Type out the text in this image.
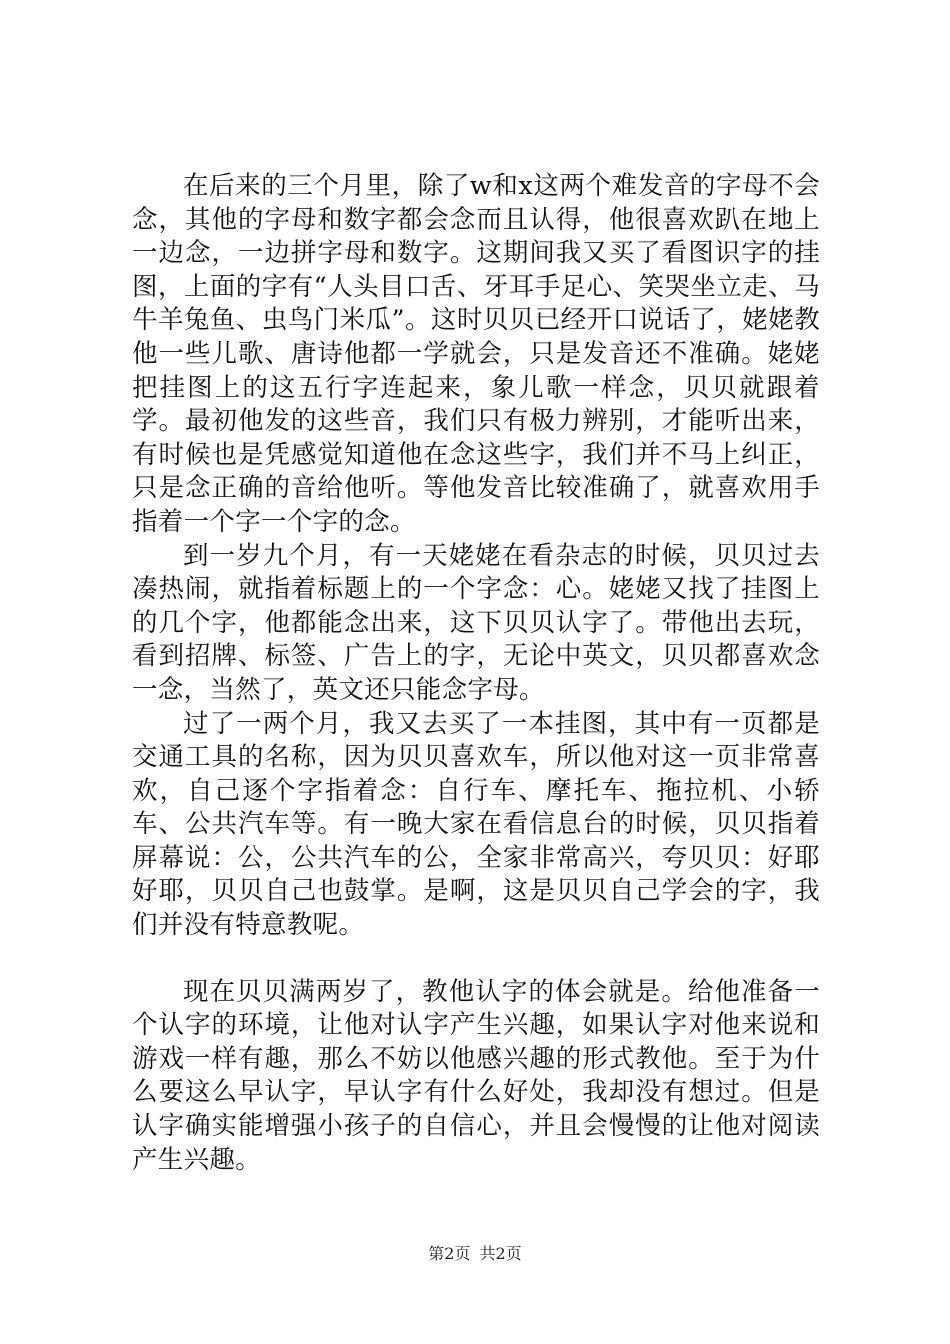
在后来的三个月里，除了w和x这两个难发音的字母不会念，其他的字母和数字都会念而且认得，他很喜欢趴在地上一边念，一边拼字母和数字。这期间我又买了看图识字的挂图，上面的字有“人头目口舌、牙耳手足心、笑哭坐立走、马牛羊兔鱼、虫鸟门米瓜”。这时贝贝已经开口说话了，姥姥教他一些儿歌、唐诗他都一学就会，只是发音还不准确。姥姥把挂图上的这五行字连起来，象儿歌一样念，贝贝就跟着学。最初他发的这些音，我们只有极力辨别，才能听出来，有时候也是凭感觉知道他在念这些字，我们并不马上纠正，只是念正确的音给他听。等他发音比较准确了，就喜欢用手指着一个字一个字的念。

到一岁九个月，有一天姥姥在看杂志的时候，贝贝过去凑热闹，就指着标题上的一个字念：心。姥姥又找了挂图上的几个字，他都能念出来，这下贝贝认字了。带他出去玩，看到招牌、标签、广告上的字，无论中英文，贝贝都喜欢念一念，当然了，英文还只能念字母。

过了一两个月，我又去买了一本挂图，其中有一页都是交通工具的名称，因为贝贝喜欢车，所以他对这一页非常喜欢，自己逐个字指着念：自行车、摩托车、拖拉机、小轿车、公共汽车等。有一晚大家在看信息台的时候，贝贝指着屏幕说：公，公共汽车的公，全家非常高兴，夸贝贝：好耶好耶，贝贝自己也鼓掌。是啊，这是贝贝自己学会的字，我们并没有特意教呢。

现在贝贝满两岁了，教他认字的体会就是。给他准备一个认字的环境，让他对认字产生兴趣，如果认字对他来说和游戏一样有趣，那么不妨以他感兴趣的形式教他。至于为什么要这么早认字，早认字有什么好处，我却没有想过。但是认字确实能增强小孩子的自信心，并且会慢慢的让他对阅读产生兴趣。

第2页 共2页
